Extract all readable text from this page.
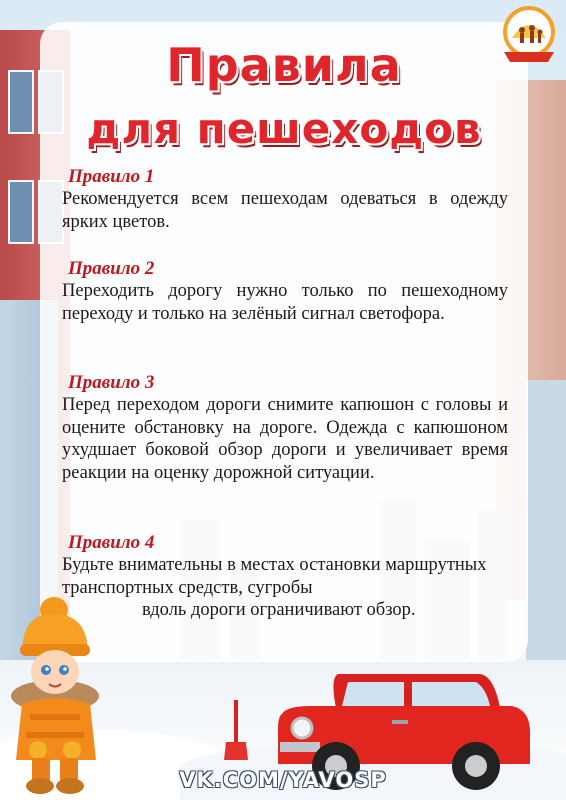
Правила
для пешеходов
Правило 1
Рекомендуется всем пешеходам одеваться в одежду ярких цветов.
Правило 2
Переходить дорогу нужно только по пешеходному переходу и только на зелёный сигнал светофора.
Правило 3
Перед переходом дороги снимите капюшон с головы и оцените обстановку на дороге. Одежда с капюшоном ухудшает боковой обзор дороги и увеличивает время реакции на оценку дорожной ситуации.
Правило 4
Будьте внимательны в местах остановки маршрутных транспортных средств, сугробы
вдоль дороги ограничивают обзор.
VK.COM/YAVOSP
